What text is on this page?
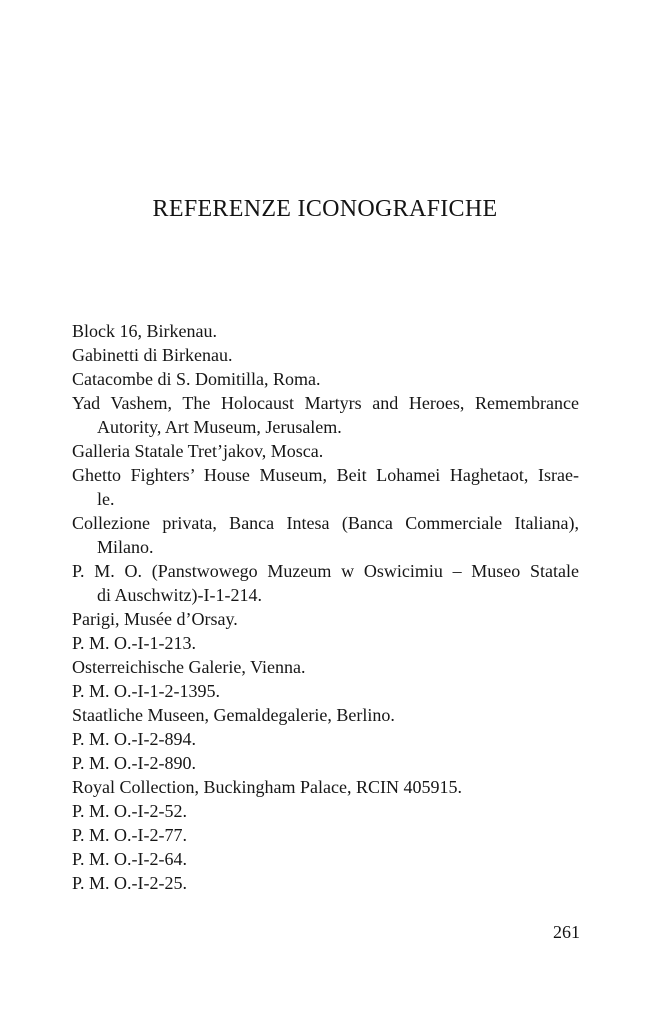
REFERENZE ICONOGRAFICHE

Block 16, Birkenau.

Gabinetti di Birkenau.

Catacombe di S. Domitilla, Roma.

Yad Vashem, The Holocaust Martyrs and Heroes, Remembrance
Autority, Art Museum, Jerusalem.

Galleria Statale Tret’jakov, Mosca.

Ghetto Fighters’ House Museum, Beit Lohamei Haghetaot, Israe-
le.

Collezione privata, Banca Intesa (Banca Commerciale Italiana),
Milano.

P. M. O. (Panstwowego Muzeum w Oswicimiu – Museo Statale
di Auschwitz)-I-1-214.

Parigi, Musée d’Orsay.

P. M. O.-I-1-213.

Osterreichische Galerie, Vienna.

P. M. O.-I-1-2-1395.

Staatliche Museen, Gemaldegalerie, Berlino.

P. M. O.-I-2-894.

P. M. O.-I-2-890.

Royal Collection, Buckingham Palace, RCIN 405915.

P. M. O.-I-2-52.

P. M. O.-I-2-77.

P. M. O.-I-2-64.

P. M. O.-I-2-25.

261
